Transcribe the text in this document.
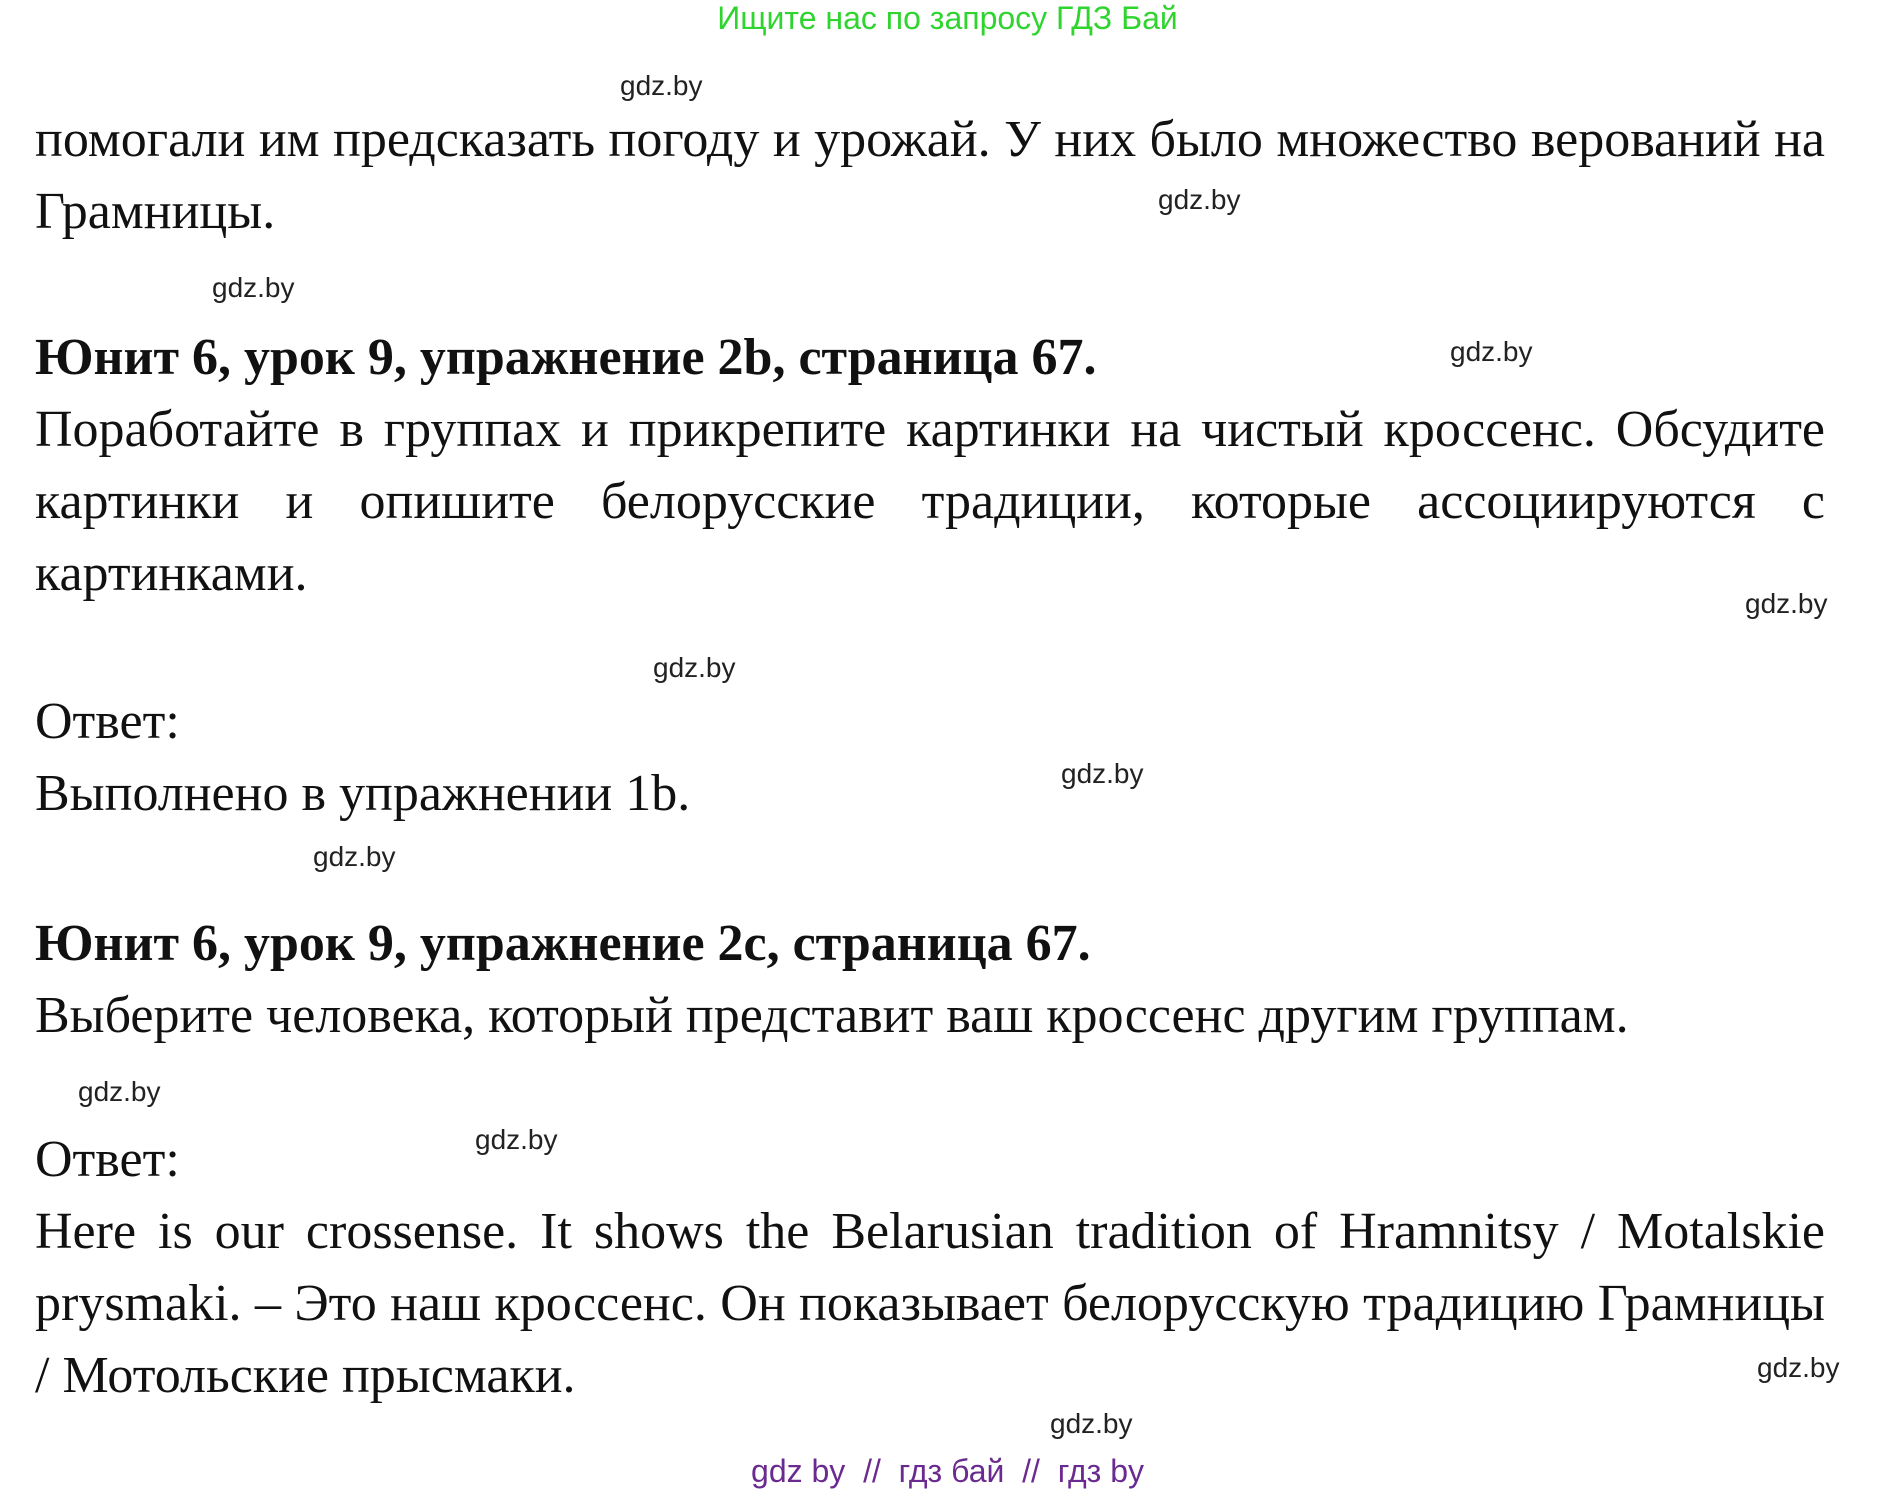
Ищите нас по запросу ГДЗ Бай
gdz.by
gdz.by
gdz.by
gdz.by
gdz.by
gdz.by
gdz.by
gdz.by
gdz.by
gdz.by
gdz.by
gdz.by
помогали им предсказать погоду и урожай. У них было множество верований на Грамницы.
Юнит 6, урок 9, упражнение 2b, страница 67.
Поработайте в группах и прикрепите картинки на чистый кроссенс. Обсудите картинки и опишите белорусские традиции, которые ассоциируются с картинками.
Ответ:
Выполнено в упражнении 1b.
Юнит 6, урок 9, упражнение 2c, страница 67.
Выберите человека, который представит ваш кроссенс другим группам.
Ответ:
Here is our crossense. It shows the Belarusian tradition of Hramnitsy / Motalskie prysmaki. – Это наш кроссенс. Он показывает белорусскую традицию Грамницы / Мотольские прысмаки.
gdz by  //  гдз бай  //  гдз by
